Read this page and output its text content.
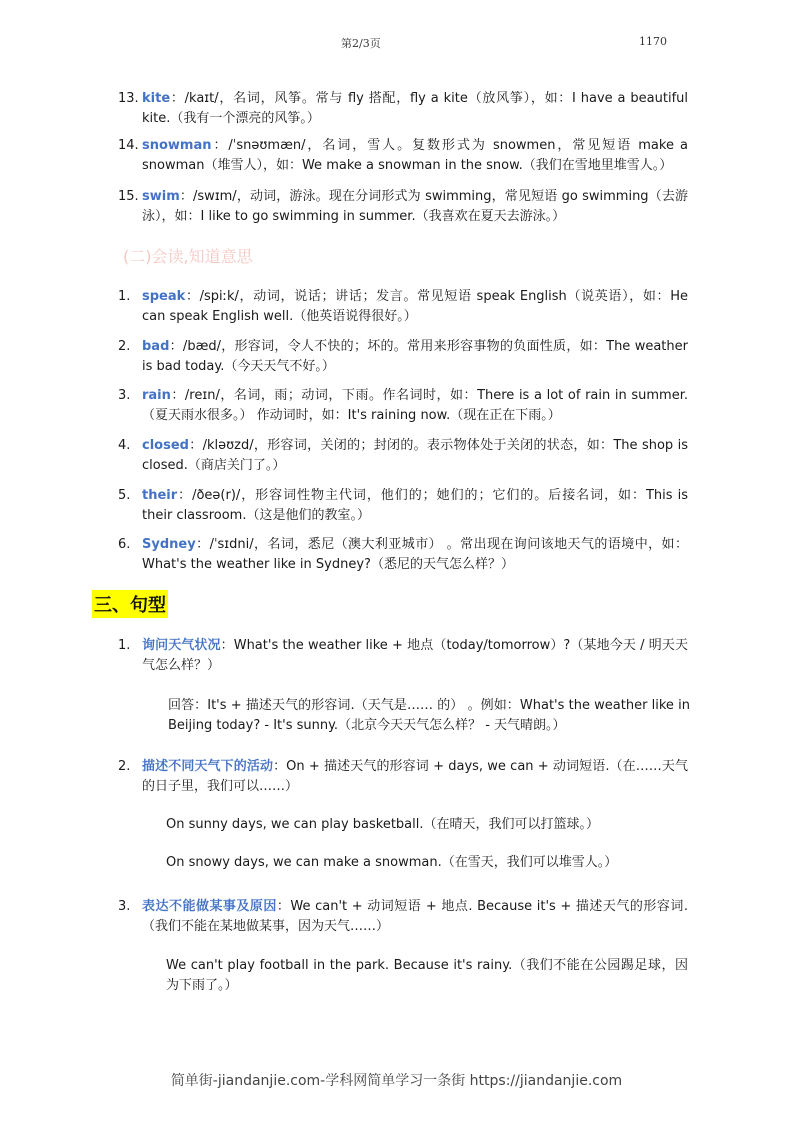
第2/3页	1170
13. kite：/kaɪt/，名词，风筝。常与 fly 搭配，fly a kite（放风筝），如：I have a beautiful kite.（我有一个漂亮的风筝。）
14. snowman：/ˈsnəʊmæn/，名词，雪人。复数形式为 snowmen，常见短语 make a snowman（堆雪人），如：We make a snowman in the snow.（我们在雪地里堆雪人。）
15. swim：/swɪm/，动词，游泳。现在分词形式为 swimming，常见短语 go swimming（去游泳），如：I like to go swimming in summer.（我喜欢在夏天去游泳。）
(二)会读,知道意思
1. speak：/spiːk/，动词，说话；讲话；发言。常见短语 speak English（说英语），如：He can speak English well.（他英语说得很好。）
2. bad：/bæd/，形容词，令人不快的；坏的。常用来形容事物的负面性质，如：The weather is bad today.（今天天气不好。）
3. rain：/reɪn/，名词，雨；动词，下雨。作名词时，如：There is a lot of rain in summer.（夏天雨水很多。） 作动词时，如：It's raining now.（现在正在下雨。）
4. closed：/kləʊzd/，形容词，关闭的；封闭的。表示物体处于关闭的状态，如：The shop is closed.（商店关门了。）
5. their：/ðeə(r)/，形容词性物主代词，他们的；她们的；它们的。后接名词，如：This is their classroom.（这是他们的教室。）
6. Sydney：/ˈsɪdni/，名词，悉尼（澳大利亚城市） 。常出现在询问该地天气的语境中，如：What's the weather like in Sydney?（悉尼的天气怎么样？）
三、句型
1. 询问天气状况：What's the weather like + 地点（today/tomorrow）?（某地今天 / 明天天气怎么样？）
回答：It's + 描述天气的形容词.（天气是…… 的） 。例如：What's the weather like in Beijing today? - It's sunny.（北京今天天气怎么样？ - 天气晴朗。）
2. 描述不同天气下的活动：On + 描述天气的形容词 + days, we can + 动词短语.（在……天气的日子里，我们可以……）
On sunny days, we can play basketball.（在晴天，我们可以打篮球。）
On snowy days, we can make a snowman.（在雪天，我们可以堆雪人。）
3. 表达不能做某事及原因：We can't + 动词短语 + 地点. Because it's + 描述天气的形容词.（我们不能在某地做某事，因为天气……）
We can't play football in the park. Because it's rainy.（我们不能在公园踢足球，因为下雨了。）
简单街-jiandanjie.com-学科网简单学习一条街 https://jiandanjie.com
